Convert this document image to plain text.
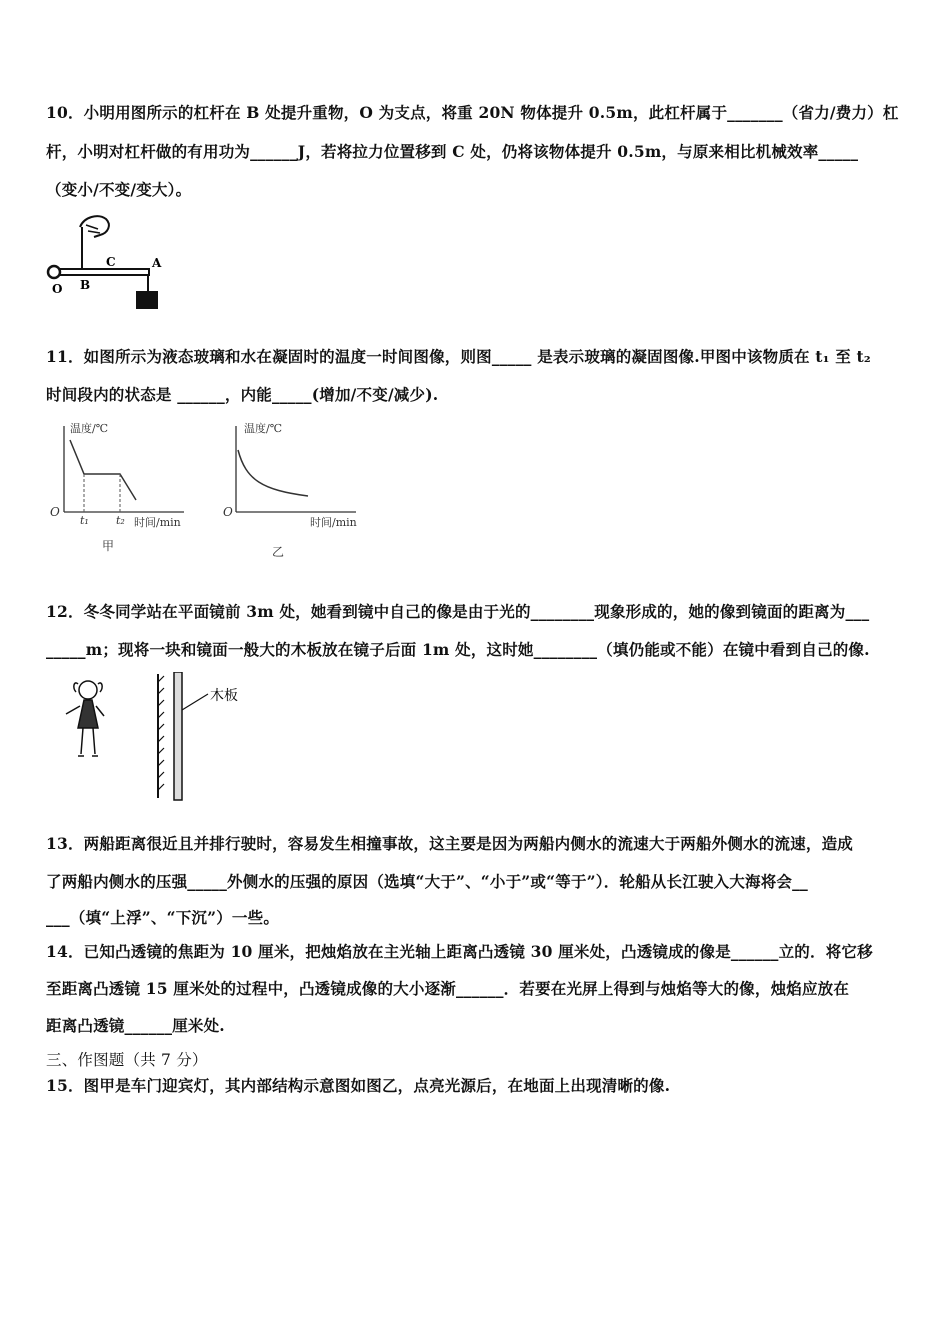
10．小明用图所示的杠杆在 B 处提升重物，O 为支点，将重 20N 物体提升 0.5m，此杠杆属于_______（省力/费力）杠
杆，小明对杠杆做的有用功为______J，若将拉力位置移到 C 处，仍将该物体提升 0.5m，与原来相比机械效率_____
（变小/不变/变大）。
O B
C	A
11．如图所示为液态玻璃和水在凝固时的温度一时间图像，则图_____ 是表示玻璃的凝固图像.甲图中该物质在 t₁ 至 t₂
时间段内的状态是 ______，内能_____(增加/不变/减少).
温度/℃
O
t₁ t₂ 时间/min
甲
温度/℃
O
时间/min
乙
12．冬冬同学站在平面镜前 3m 处，她看到镜中自己的像是由于光的________现象形成的，她的像到镜面的距离为___
_____m；现将一块和镜面一般大的木板放在镜子后面 1m 处，这时她________（填仍能或不能）在镜中看到自己的像.
木板
13．两船距离很近且并排行驶时，容易发生相撞事故，这主要是因为两船内侧水的流速大于两船外侧水的流速，造成
了两船内侧水的压强_____外侧水的压强的原因（选填“大于”、“小于”或“等于”）．轮船从长江驶入大海将会__
___（填“上浮”、“下沉”）一些。
14．已知凸透镜的焦距为 10 厘米，把烛焰放在主光轴上距离凸透镜 30 厘米处，凸透镜成的像是______立的．将它移
至距离凸透镜 15 厘米处的过程中，凸透镜成像的大小逐渐______．若要在光屏上得到与烛焰等大的像，烛焰应放在
距离凸透镜______厘米处.
三、作图题（共 7 分）
15．图甲是车门迎宾灯，其内部结构示意图如图乙，点亮光源后，在地面上出现清晰的像.
